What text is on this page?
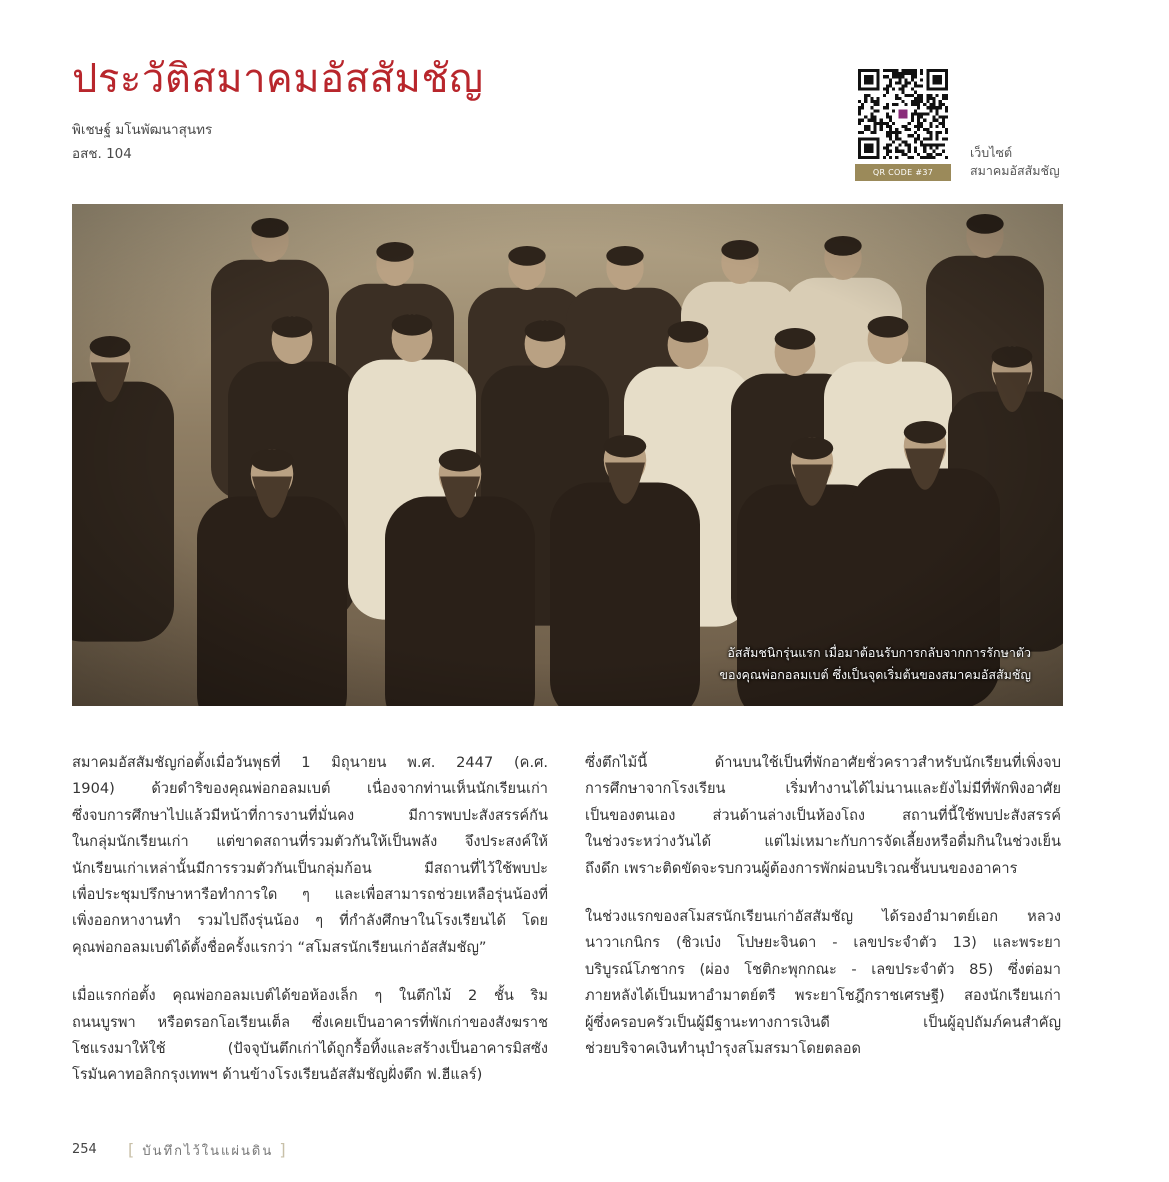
ประวัติสมาคมอัสสัมชัญ
พิเชษฐ์ มโนพัฒนาสุนทร
อสช. 104
QR CODE #37
เว็บไซต์
สมาคมอัสสัมชัญ
อัสสัมชนิกรุ่นแรก เมื่อมาต้อนรับการกลับจากการรักษาตัว
ของคุณพ่อกอลมเบต์ ซึ่งเป็นจุดเริ่มต้นของสมาคมอัสสัมชัญ
สมาคมอัสสัมชัญก่อตั้งเมื่อวันพุธที่ 1 มิถุนายน พ.ศ. 2447 (ค.ศ.
1904) ด้วยดำริของคุณพ่อกอลมเบต์ เนื่องจากท่านเห็นนักเรียนเก่า
ซึ่งจบการศึกษาไปแล้วมีหน้าที่การงานที่มั่นคง มีการพบปะสังสรรค์กัน
ในกลุ่มนักเรียนเก่า แต่ขาดสถานที่รวมตัวกันให้เป็นพลัง จึงประสงค์ให้
นักเรียนเก่าเหล่านั้นมีการรวมตัวกันเป็นกลุ่มก้อน มีสถานที่ไว้ใช้พบปะ
เพื่อประชุมปรึกษาหารือทำการใด ๆ และเพื่อสามารถช่วยเหลือรุ่นน้องที่
เพิ่งออกหางานทำ รวมไปถึงรุ่นน้อง ๆ ที่กำลังศึกษาในโรงเรียนได้ โดย
คุณพ่อกอลมเบต์ได้ตั้งชื่อครั้งแรกว่า “สโมสรนักเรียนเก่าอัสสัมชัญ”
เมื่อแรกก่อตั้ง คุณพ่อกอลมเบต์ได้ขอห้องเล็ก ๆ ในตึกไม้ 2 ชั้น ริม
ถนนบูรพา หรือตรอกโอเรียนเต็ล ซึ่งเคยเป็นอาคารที่พักเก่าของสังฆราช
โชแรงมาให้ใช้ (ปัจจุบันตึกเก่าได้ถูกรื้อทิ้งและสร้างเป็นอาคารมิสซัง
โรมันคาทอลิกกรุงเทพฯ ด้านข้างโรงเรียนอัสสัมชัญฝั่งตึก ฟ.ฮีแลร์)
ซึ่งตึกไม้นี้ ด้านบนใช้เป็นที่พักอาศัยชั่วคราวสำหรับนักเรียนที่เพิ่งจบ
การศึกษาจากโรงเรียน เริ่มทำงานได้ไม่นานและยังไม่มีที่พักพิงอาศัย
เป็นของตนเอง ส่วนด้านล่างเป็นห้องโถง สถานที่นี้ใช้พบปะสังสรรค์
ในช่วงระหว่างวันได้ แต่ไม่เหมาะกับการจัดเลี้ยงหรือดื่มกินในช่วงเย็น
ถึงดึก เพราะติดขัดจะรบกวนผู้ต้องการพักผ่อนบริเวณชั้นบนของอาคาร
ในช่วงแรกของสโมสรนักเรียนเก่าอัสสัมชัญ ได้รองอำมาตย์เอก หลวง
นาวาเกนิกร (ชิวเบ๋ง โปษยะจินดา - เลขประจำตัว 13) และพระยา
บริบูรณ์โภชากร (ผ่อง โชติกะพุกกณะ - เลขประจำตัว 85) ซึ่งต่อมา
ภายหลังได้เป็นมหาอำมาตย์ตรี พระยาโชฎึกราชเศรษฐี) สองนักเรียนเก่า
ผู้ซึ่งครอบครัวเป็นผู้มีฐานะทางการเงินดี เป็นผู้อุปถัมภ์คนสำคัญ
ช่วยบริจาคเงินทำนุบำรุงสโมสรมาโดยตลอด
254 [ บันทึกไว้ในแผ่นดิน ]
